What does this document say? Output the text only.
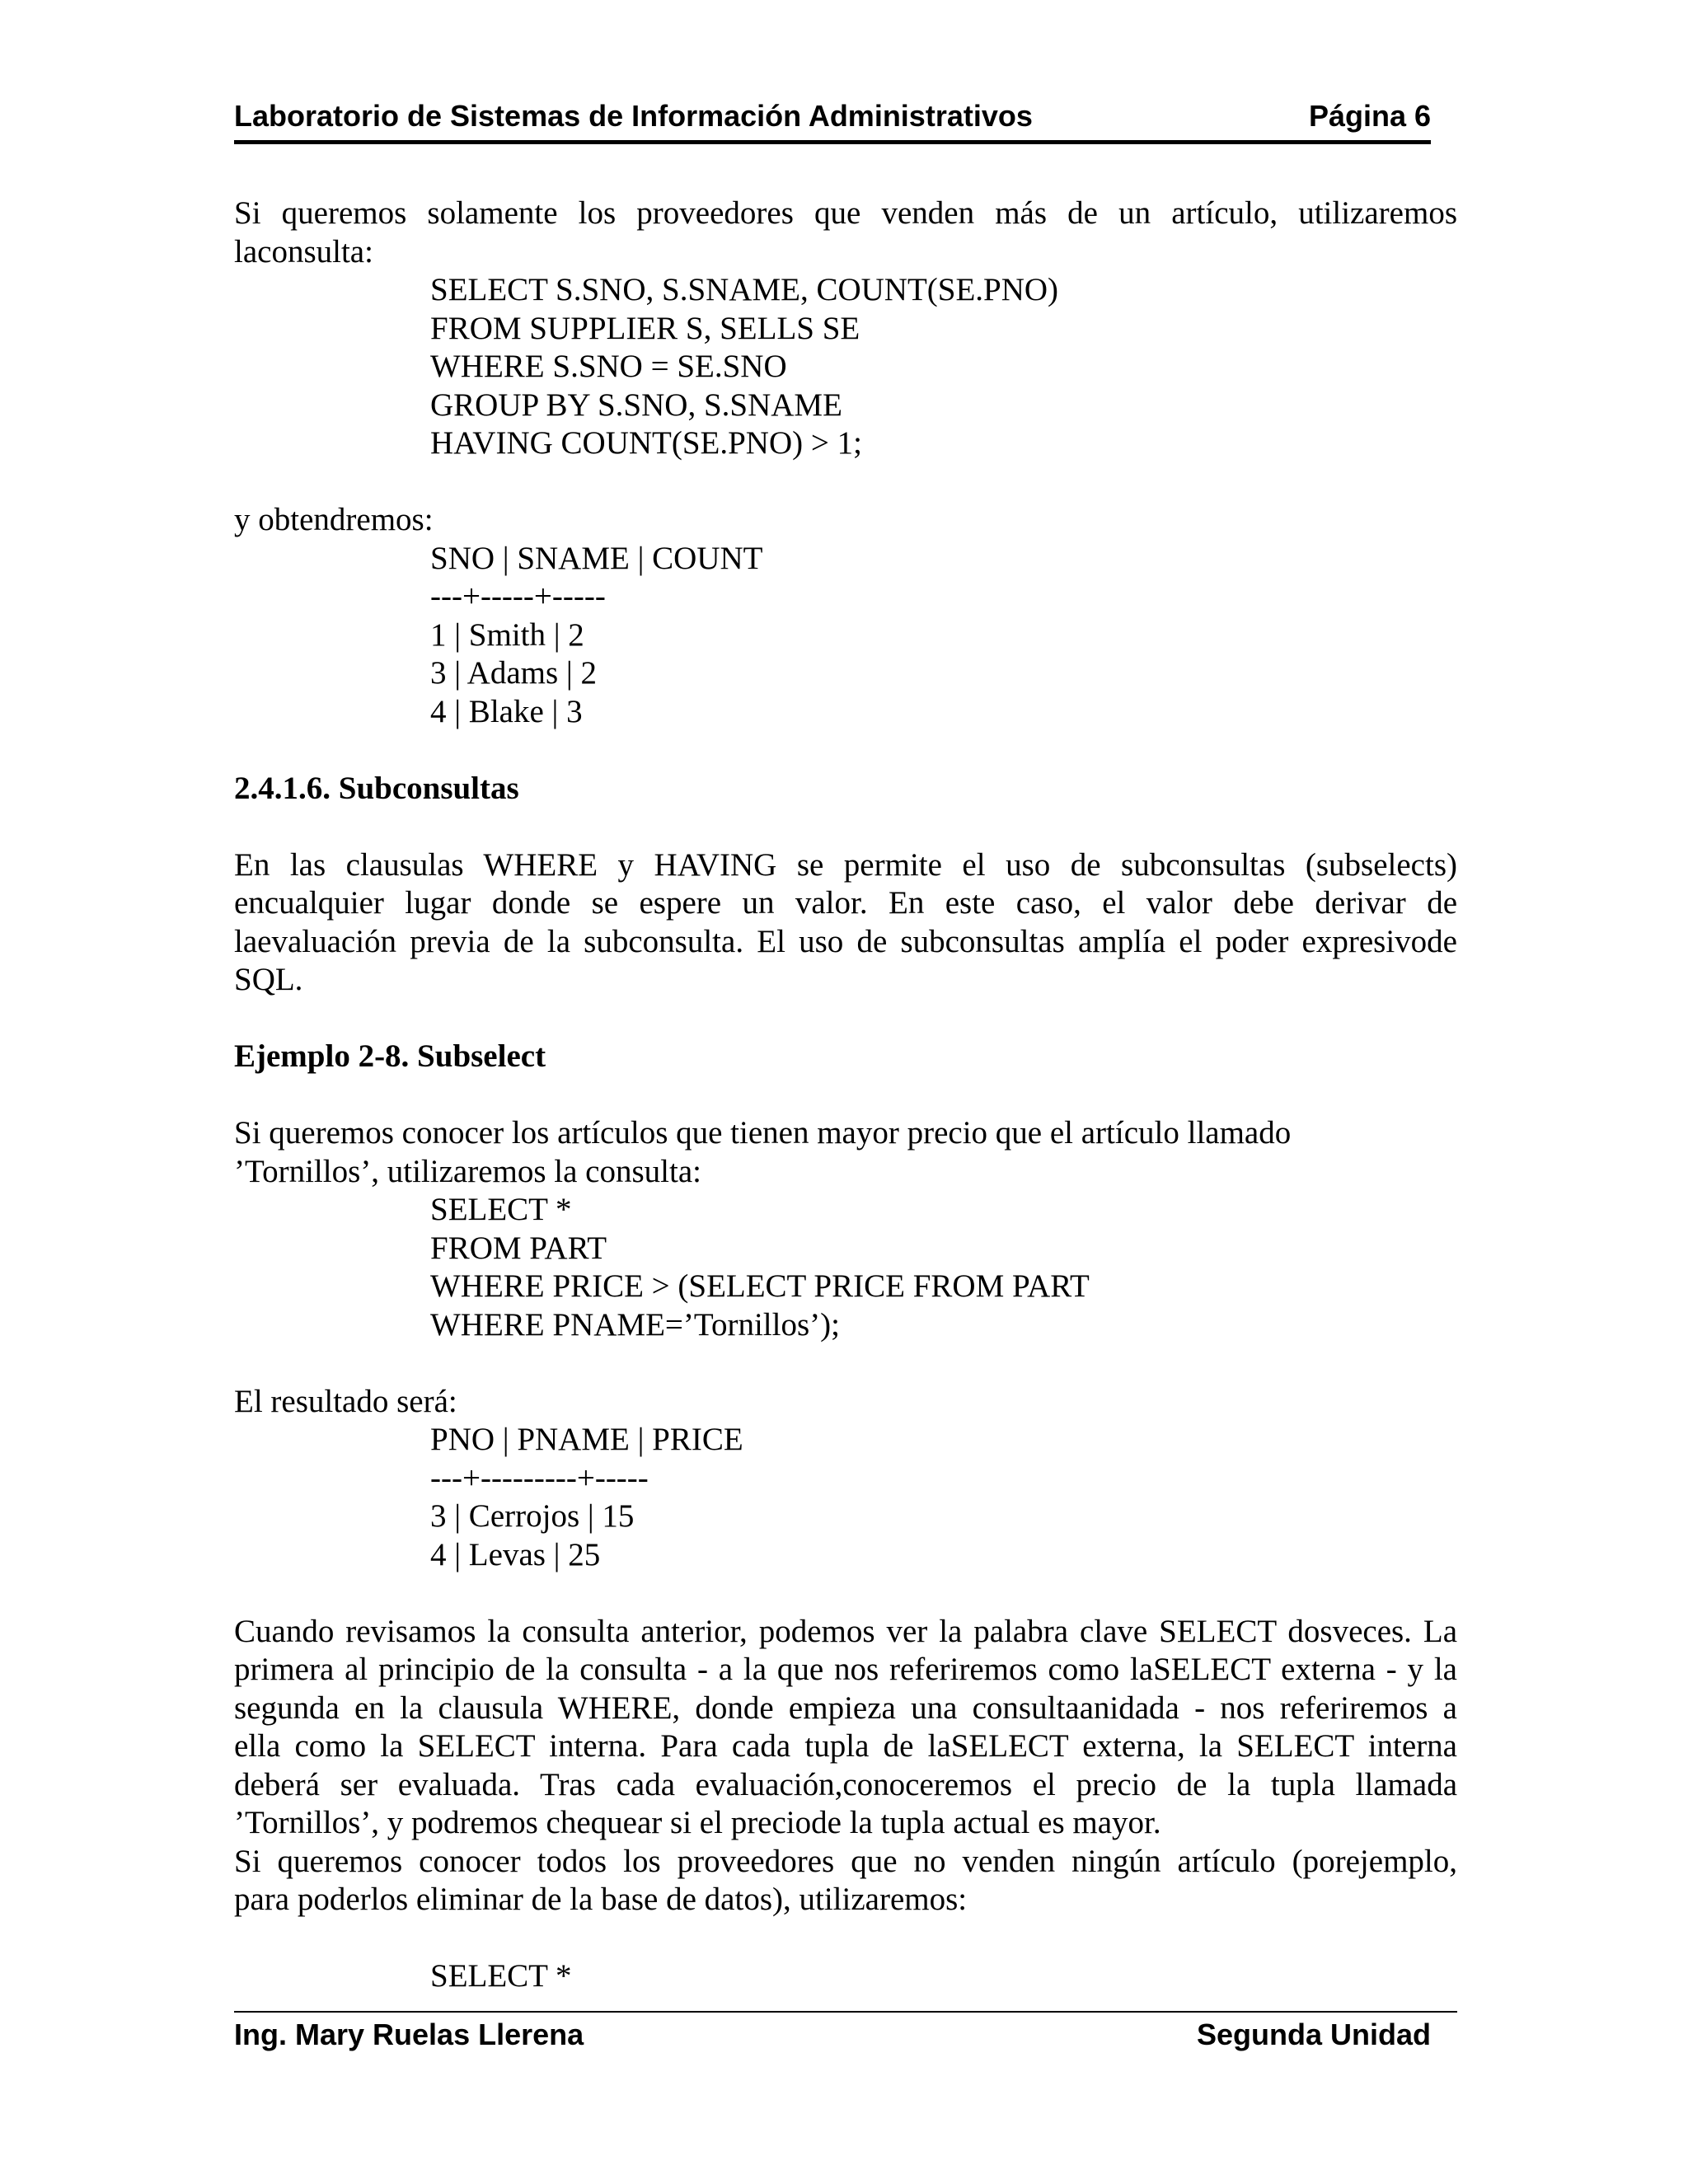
Laboratorio de Sistemas de Información Administrativos	Página 6
Si queremos solamente los proveedores que venden más de un artículo, utilizaremos
laconsulta:
SELECT S.SNO, S.SNAME, COUNT(SE.PNO)
FROM SUPPLIER S, SELLS SE
WHERE S.SNO = SE.SNO
GROUP BY S.SNO, S.SNAME
HAVING COUNT(SE.PNO) > 1;
y obtendremos:
SNO | SNAME | COUNT
---+-----+-----
1 | Smith | 2
3 | Adams | 2
4 | Blake | 3
2.4.1.6. Subconsultas
En las clausulas WHERE y HAVING se permite el uso de subconsultas (subselects)
encualquier lugar donde se espere un valor. En este caso, el valor debe derivar de
laevaluación previa de la subconsulta. El uso de subconsultas amplía el poder expresivode
SQL.
Ejemplo 2-8. Subselect
Si queremos conocer los artículos que tienen mayor precio que el artículo llamado
’Tornillos’, utilizaremos la consulta:
SELECT *
FROM PART
WHERE PRICE > (SELECT PRICE FROM PART
WHERE PNAME=’Tornillos’);
El resultado será:
PNO | PNAME | PRICE
---+---------+-----
3 | Cerrojos | 15
4 | Levas | 25
Cuando revisamos la consulta anterior, podemos ver la palabra clave SELECT dosveces. La
primera al principio de la consulta - a la que nos referiremos como laSELECT externa - y la
segunda en la clausula WHERE, donde empieza una consultaanidada - nos referiremos a
ella como la SELECT interna. Para cada tupla de laSELECT externa, la SELECT interna
deberá ser evaluada. Tras cada evaluación,conoceremos el precio de la tupla llamada
’Tornillos’, y podremos chequear si el preciode la tupla actual es mayor.
Si queremos conocer todos los proveedores que no venden ningún artículo (porejemplo,
para poderlos eliminar de la base de datos), utilizaremos:
SELECT *
Ing. Mary Ruelas Llerena	Segunda Unidad
